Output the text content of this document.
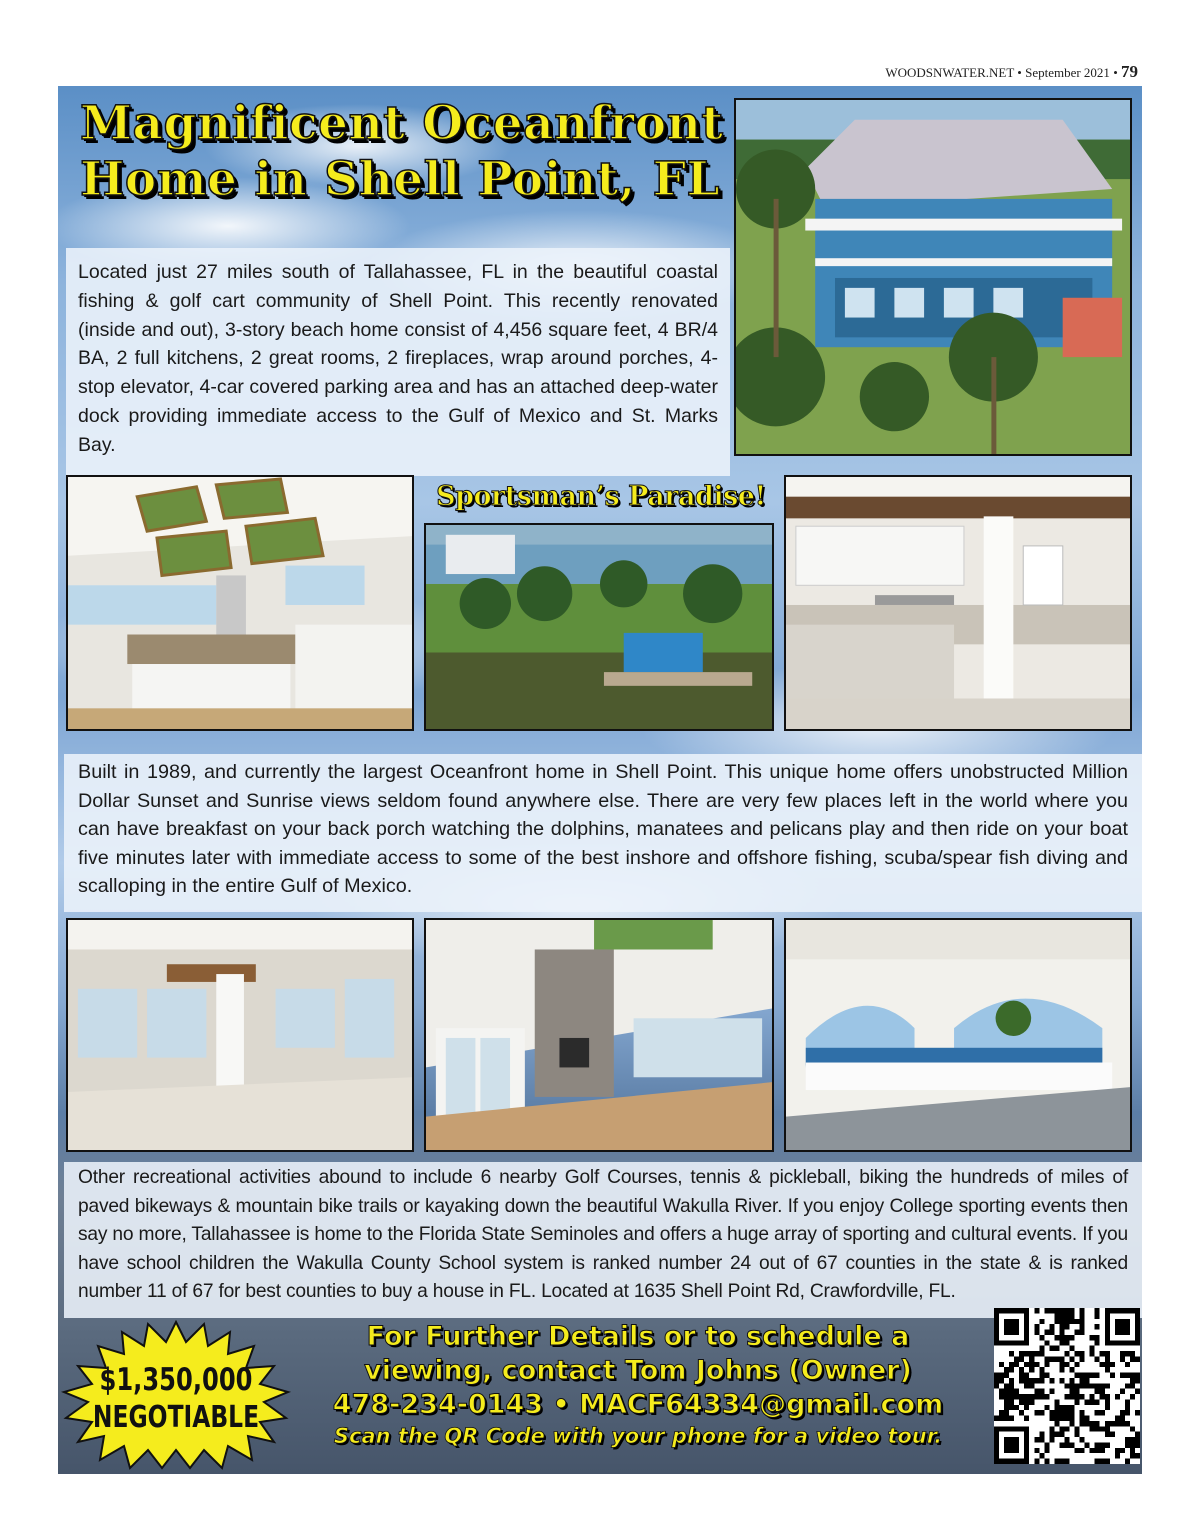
WOODSNWATER.NET • September 2021 • 79
Magnificent Oceanfront
Home in Shell Point, FL
Located just 27 miles south of Tallahassee, FL in the beautiful coastal fishing & golf cart community of Shell Point. This recently renovated (inside and out), 3-story beach home consist of 4,456 square feet, 4 BR/4 BA, 2 full kitchens, 2 great rooms, 2 fireplaces, wrap around porches, 4-stop elevator, 4-car covered parking area and has an attached deep-water dock providing immediate access to the Gulf of Mexico and St. Marks Bay.

Sportsman’s Paradise!

Built in 1989, and currently the largest Oceanfront home in Shell Point. This unique home offers unobstructed Million Dollar Sunset and Sunrise views seldom found anywhere else. There are very few places left in the world where you can have breakfast on your back porch watching the dolphins, manatees and pelicans play and then ride on your boat five minutes later with immediate access to some of the best inshore and offshore fishing, scuba/spear fish diving and scalloping in the entire Gulf of Mexico.
Other recreational activities abound to include 6 nearby Golf Courses, tennis & pickleball, biking the hundreds of miles of paved bikeways & mountain bike trails or kayaking down the beautiful Wakulla River. If you enjoy College sporting events then say no more, Tallahassee is home to the Florida State Seminoles and offers a huge array of sporting and cultural events. If you have school children the Wakulla County School system is ranked number 24 out of 67 counties in the state & is ranked number 11 of 67 for best counties to buy a house in FL. Located at 1635 Shell Point Rd, Crawfordville, FL.
$1,350,000
NEGOTIABLE
For Further Details or to schedule a
viewing, contact Tom Johns (Owner)
478-234-0143 • MACF64334@gmail.com
Scan the QR Code with your phone for a video tour.
